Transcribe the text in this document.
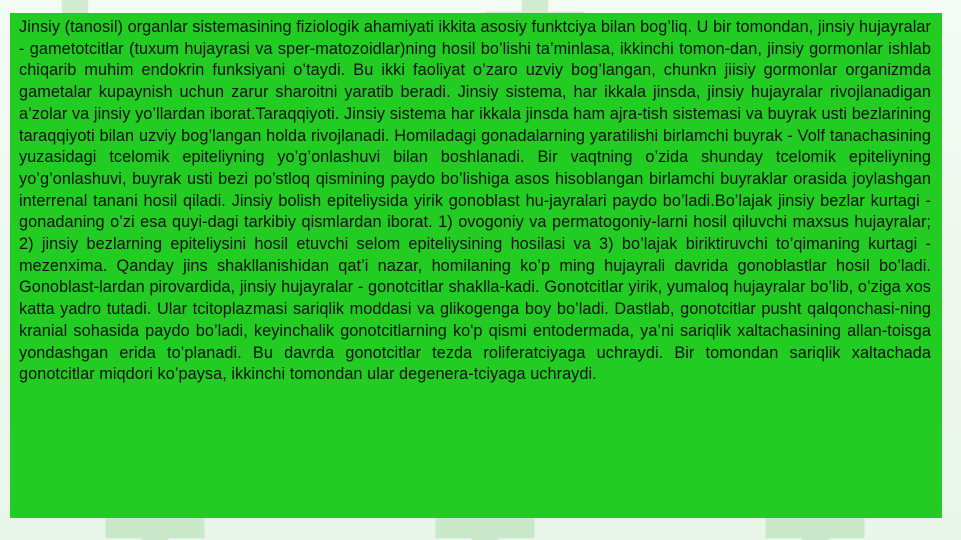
Jinsiy (tanosil) organlar sistemasining fiziologik ahamiyati ikkita asosiy funktciya bilan bog’liq. U bir tomondan, jinsiy hujayralar - gametotcitlar (tuxum hujayrasi va sper-matozoidlar)ning hosil bo’lishi ta’minlasa, ikkinchi tomon-dan, jinsiy gormonlar ishlab chiqarib muhim endokrin funksiyani o’taydi. Bu ikki faoliyat o’zaro uzviy bog’langan, chunkn jiisiy gormonlar organizmda gametalar kupaynish uchun zarur sharoitni yaratib beradi. Jinsiy sistema, har ikkala jinsda, jinsiy hujayralar rivojlanadigan a’zolar va jinsiy yo’llardan iborat.Taraqqiyoti. Jinsiy sistema har ikkala jinsda ham ajra-tish sistemasi va buyrak usti bezlarining taraqqiyoti bilan uzviy bog’langan holda rivojlanadi. Homiladagi gonadalarning yaratilishi birlamchi buyrak - Volf tanachasining yuzasidagi tcelomik epiteliyning yo’g’onlashuvi bilan boshlanadi. Bir vaqtning o’zida shunday tcelomik epiteliyning yo’g’onlashuvi, buyrak usti bezi po’stloq qismining paydo bo’lishiga asos hisoblangan birlamchi buyraklar orasida joylashgan interrenal tanani hosil qiladi. Jinsiy bolish epiteliysida yirik gonoblast hu-jayralari paydo bo’ladi.Bo’lajak jinsiy bezlar kurtagi - gonadaning o’zi esa quyi-dagi tarkibiy qismlardan iborat. 1) ovogoniy va permatogoniy-larni hosil qiluvchi maxsus hujayralar; 2) jinsiy bezlarning epiteliysini hosil etuvchi selom epiteliysining hosilasi va 3) bo’lajak biriktiruvchi to’qimaning kurtagi - mezenxima. Qanday jins shakllanishidan qat’i nazar, homilaning ko’p ming hujayrali davrida gonoblastlar hosil bo’ladi. Gonoblast-lardan pirovardida, jinsiy hujayralar - gonotcitlar shaklla-kadi. Gonotcitlar yirik, yumaloq hujayralar bo’lib, o’ziga xos katta yadro tutadi. Ular tcitoplazmasi sariqlik moddasi va glikogenga boy bo’ladi. Dastlab, gonotcitlar pusht qalqonchasi-ning kranial sohasida paydo bo’ladi, keyinchalik gonotcitlarning ko'p qismi entodermada, ya’ni sariqlik xaltachasining allan-toisga yondashgan erida to’planadi. Bu davrda gonotcitlar tezda roliferatciyaga uchraydi. Bir tomondan sariqlik xaltachada gonotcitlar miqdori ko’paysa, ikkinchi tomondan ular degenera-tciyaga uchraydi.
